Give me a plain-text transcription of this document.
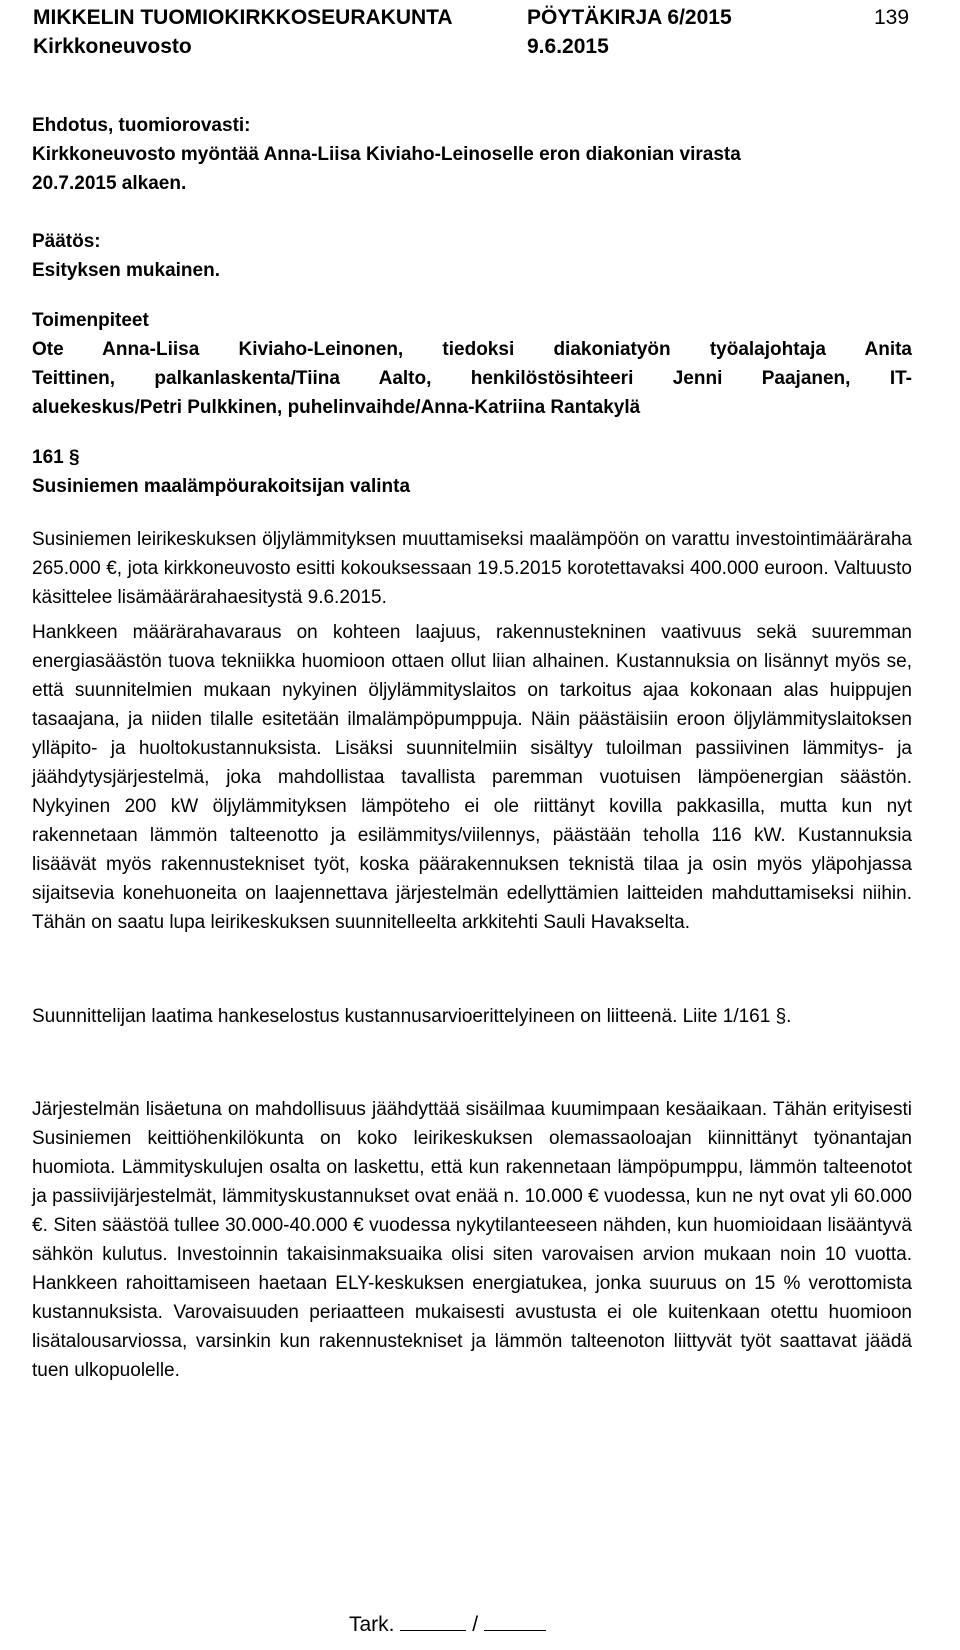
MIKKELIN TUOMIOKIRKKOSEURAKUNTA	PÖYTÄKIRJA 6/2015	139
Kirkkoneuvosto	9.6.2015
Ehdotus, tuomiorovasti:
Kirkkoneuvosto myöntää Anna-Liisa Kiviaho-Leinoselle eron diakonian virasta
20.7.2015 alkaen.
Päätös:
Esityksen mukainen.
Toimenpiteet
Ote Anna-Liisa Kiviaho-Leinonen, tiedoksi diakoniatyön työalajohtaja Anita
Teittinen, palkanlaskenta/Tiina Aalto, henkilöstösihteeri Jenni Paajanen, IT-
aluekeskus/Petri Pulkkinen, puhelinvaihde/Anna-Katriina Rantakylä
161 §
Susiniemen maalämpöurakoitsijan valinta

Susiniemen leirikeskuksen öljylämmityksen muuttamiseksi maalämpöön on varattu investointimääräraha 265.000 €, jota kirkkoneuvosto esitti kokouksessaan 19.5.2015 korotettavaksi 400.000 euroon. Valtuusto käsittelee lisämäärärahaesitystä 9.6.2015.

Hankkeen määrärahavaraus on kohteen laajuus, rakennustekninen vaativuus sekä suuremman energiasäästön tuova tekniikka huomioon ottaen ollut liian alhainen. Kustannuksia on lisännyt myös se, että suunnitelmien mukaan nykyinen öljylämmityslaitos on tarkoitus ajaa kokonaan alas huippujen tasaajana, ja niiden tilalle esitetään ilmalämpöpumppuja. Näin päästäisiin eroon öljylämmityslaitoksen ylläpito- ja huoltokustannuksista. Lisäksi suunnitelmiin sisältyy tuloilman passiivinen lämmitys- ja jäähdytysjärjestelmä, joka mahdollistaa tavallista paremman vuotuisen lämpöenergian säästön. Nykyinen 200 kW öljylämmityksen lämpöteho ei ole riittänyt kovilla pakkasilla, mutta kun nyt rakennetaan lämmön talteenotto ja esilämmitys/viilennys, päästään teholla 116 kW. Kustannuksia lisäävät myös rakennustekniset työt, koska päärakennuksen teknistä tilaa ja osin myös yläpohjassa sijaitsevia konehuoneita on laajennettava järjestelmän edellyttämien laitteiden mahduttamiseksi niihin. Tähän on saatu lupa leirikeskuksen suunnitelleelta arkkitehti Sauli Havakselta.

Suunnittelijan laatima hankeselostus kustannusarvioerittelyineen on liitteenä. Liite 1/161 §.

Järjestelmän lisäetuna on mahdollisuus jäähdyttää sisäilmaa kuumimpaan kesäaikaan. Tähän erityisesti Susiniemen keittiöhenkilökunta on koko leirikeskuksen olemassaoloajan kiinnittänyt työnantajan huomiota. Lämmityskulujen osalta on laskettu, että kun rakennetaan lämpöpumppu, lämmön talteenotot ja passiivijärjestelmät, lämmityskustannukset ovat enää n. 10.000 € vuodessa, kun ne nyt ovat yli 60.000 €. Siten säästöä tullee 30.000-40.000 € vuodessa nykytilanteeseen nähden, kun huomioidaan lisääntyvä sähkön kulutus. Investoinnin takaisinmaksuaika olisi siten varovaisen arvion mukaan noin 10 vuotta. Hankkeen rahoittamiseen haetaan ELY-keskuksen energiatukea, jonka suuruus on 15 % verottomista kustannuksista. Varovaisuuden periaatteen mukaisesti avustusta ei ole kuitenkaan otettu huomioon lisätalousarviossa, varsinkin kun rakennustekniset ja lämmön talteenoton liittyvät työt saattavat jäädä tuen ulkopuolelle.

Tark.	/
